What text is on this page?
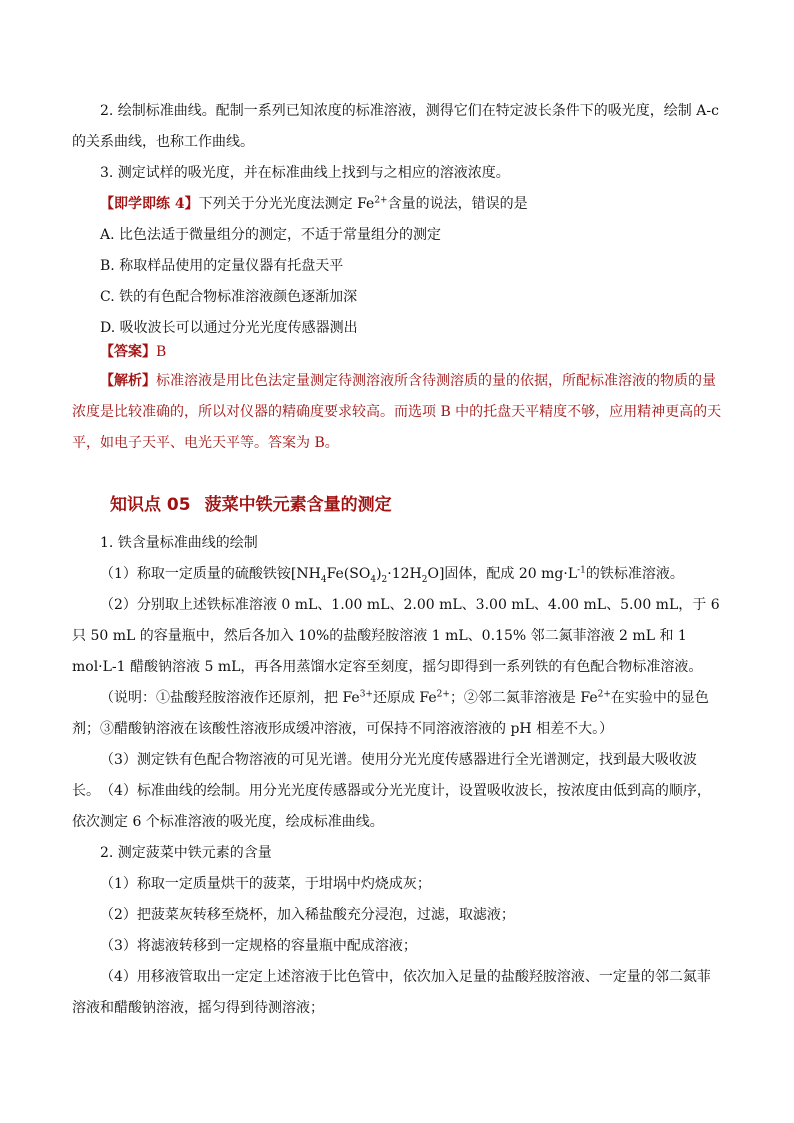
2. 绘制标准曲线。配制一系列已知浓度的标准溶液，测得它们在特定波长条件下的吸光度，绘制 A-c 的关系曲线，也称工作曲线。

3. 测定试样的吸光度，并在标准曲线上找到与之相应的溶液浓度。

【即学即练 4】下列关于分光光度法测定 $Fe^{2+}$含量的说法，错误的是

A. 比色法适于微量组分的测定，不适于常量组分的测定

B. 称取样品使用的定量仪器有托盘天平

C. 铁的有色配合物标准溶液颜色逐渐加深

D. 吸收波长可以通过分光光度传感器测出

【答案】B

【解析】标准溶液是用比色法定量测定待测溶液所含待测溶质的量的依据，所配标准溶液的物质的量浓度是比较准确的，所以对仪器的精确度要求较高。而选项 B 中的托盘天平精度不够，应用精神更高的天平，如电子天平、电光天平等。答案为 B。

知识点 05 菠菜中铁元素含量的测定

1. 铁含量标准曲线的绘制

（1）称取一定质量的硫酸铁铵$[NH_4Fe(SO_4)_2\cdot 12H_2O]$固体，配成 20 $mg\cdot L^{-1}$的铁标准溶液。

（2）分别取上述铁标准溶液 0 mL、1.00 mL、2.00 mL、3.00 mL、4.00 mL、5.00 mL，于 6 只 50 mL 的容量瓶中，然后各加入 10%的盐酸羟胺溶液 1 mL、0.15% 邻二氮菲溶液 2 mL 和 1 mol·L-1 醋酸钠溶液 5 mL，再各用蒸馏水定容至刻度，摇匀即得到一系列铁的有色配合物标准溶液。

（说明：①盐酸羟胺溶液作还原剂，把 $Fe^{3+}$还原成 $Fe^{2+}$；②邻二氮菲溶液是 $Fe^{2+}$在实验中的显色剂；③醋酸钠溶液在该酸性溶液形成缓冲溶液，可保持不同溶液溶液的 pH 相差不大。）

（3）测定铁有色配合物溶液的可见光谱。使用分光光度传感器进行全光谱测定，找到最大吸收波长。 （4）标准曲线的绘制。用分光光度传感器或分光光度计，设置吸收波长，按浓度由低到高的顺序，依次测定 6 个标准溶液的吸光度，绘成标准曲线。

2. 测定菠菜中铁元素的含量

（1）称取一定质量烘干的菠菜，于坩埚中灼烧成灰；

（2）把菠菜灰转移至烧杯，加入稀盐酸充分浸泡，过滤，取滤液；

（3）将滤液转移到一定规格的容量瓶中配成溶液；

（4）用移液管取出一定定上述溶液于比色管中，依次加入足量的盐酸羟胺溶液、一定量的邻二氮菲溶液和醋酸钠溶液，摇匀得到待测溶液；
